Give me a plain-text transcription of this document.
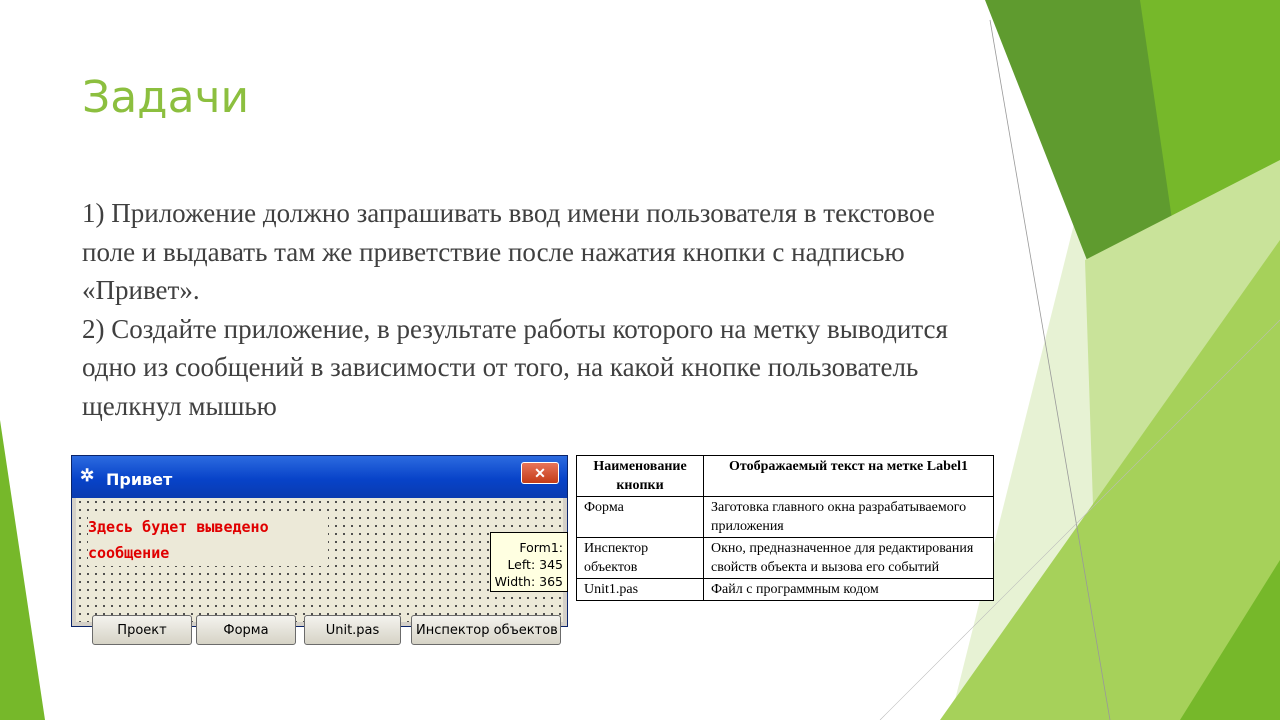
Задачи

1) Приложение должно запрашивать ввод имени пользователя в текстовое поле и выдавать там же приветствие после нажатия кнопки с надписью «Привет».

2) Создайте приложение, в результате работы которого на метку выводится одно из сообщений в зависимости от того, на какой кнопке пользователь щелкнул мышью

✲ Привет	✕
Здесь будет выведено сообщение
Проект	Форма	Unit.pas	Инспектор объектов
Form1:
Left: 345
Width: 365
Наименование кнопки	Отображаемый текст на метке Label1
Форма	Заготовка главного окна разрабатываемого приложения
Инспектор объектов	Окно, предназначенное для редактирования свойств объекта и вызова его событий
Unit1.pas	Файл с программным кодом
